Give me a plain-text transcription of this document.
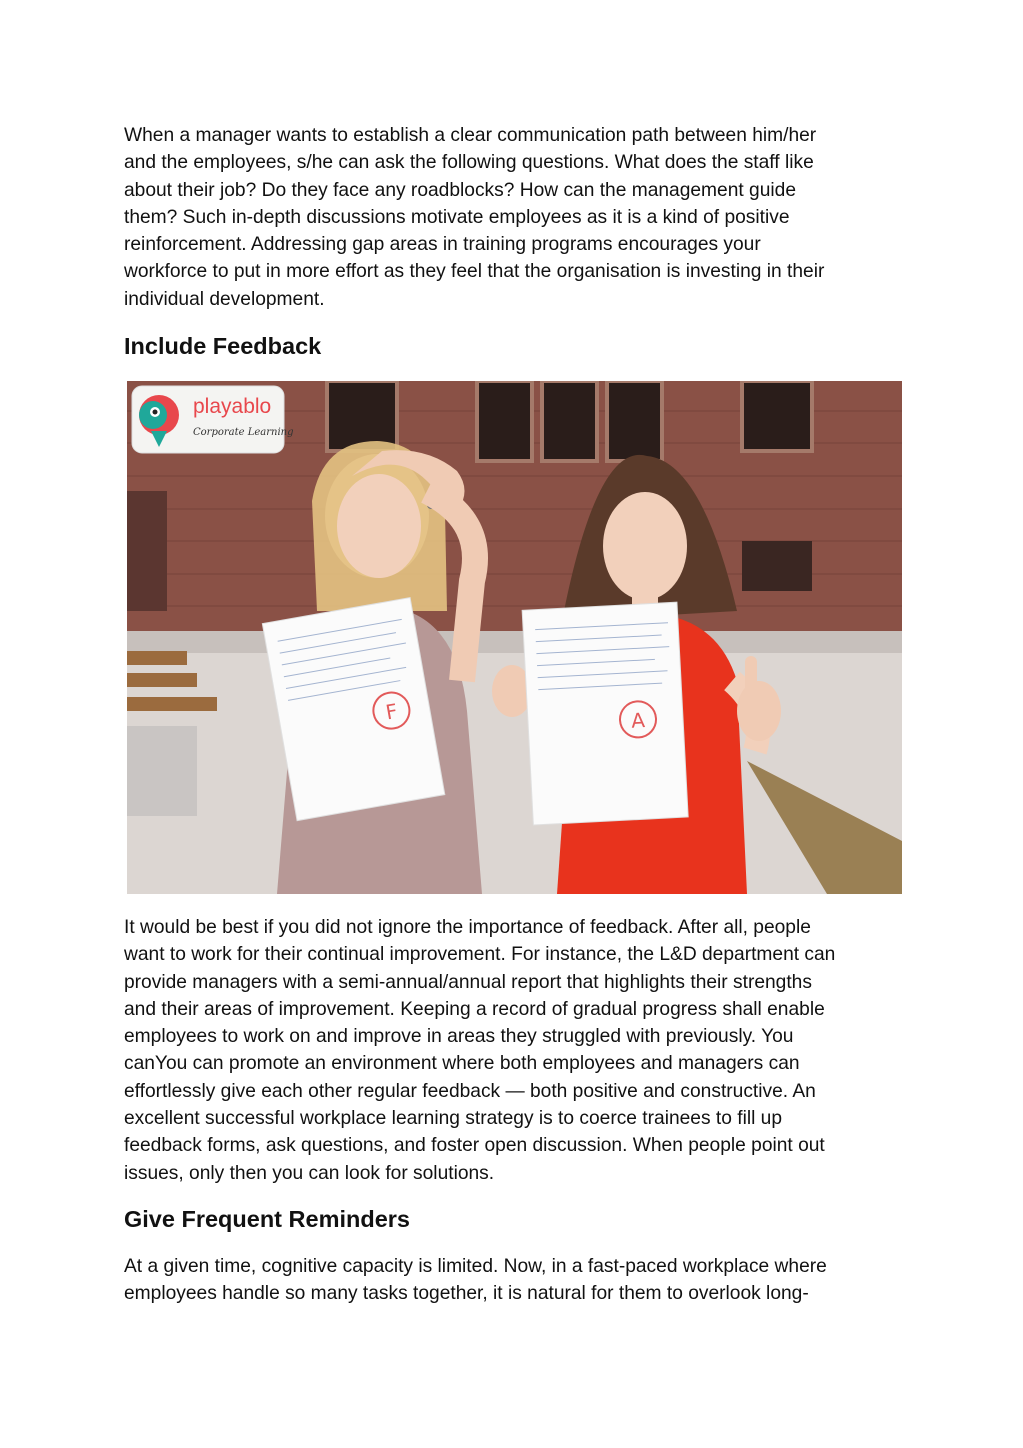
When a manager wants to establish a clear communication path between him/her
and the employees, s/he can ask the following questions. What does the staff like
about their job? Do they face any roadblocks? How can the management guide
them? Such in-depth discussions motivate employees as it is a kind of positive
reinforcement. Addressing gap areas in training programs encourages your
workforce to put in more effort as they feel that the organisation is investing in their
individual development.

Include Feedback
F	A
playablo
Corporate Learning

It would be best if you did not ignore the importance of feedback. After all, people
want to work for their continual improvement. For instance, the L&D department can
provide managers with a semi-annual/annual report that highlights their strengths
and their areas of improvement. Keeping a record of gradual progress shall enable
employees to work on and improve in areas they struggled with previously. You
canYou can promote an environment where both employees and managers can
effortlessly give each other regular feedback — both positive and constructive. An
excellent successful workplace learning strategy is to coerce trainees to fill up
feedback forms, ask questions, and foster open discussion. When people point out
issues, only then you can look for solutions.

Give Frequent Reminders

At a given time, cognitive capacity is limited. Now, in a fast-paced workplace where
employees handle so many tasks together, it is natural for them to overlook long-
